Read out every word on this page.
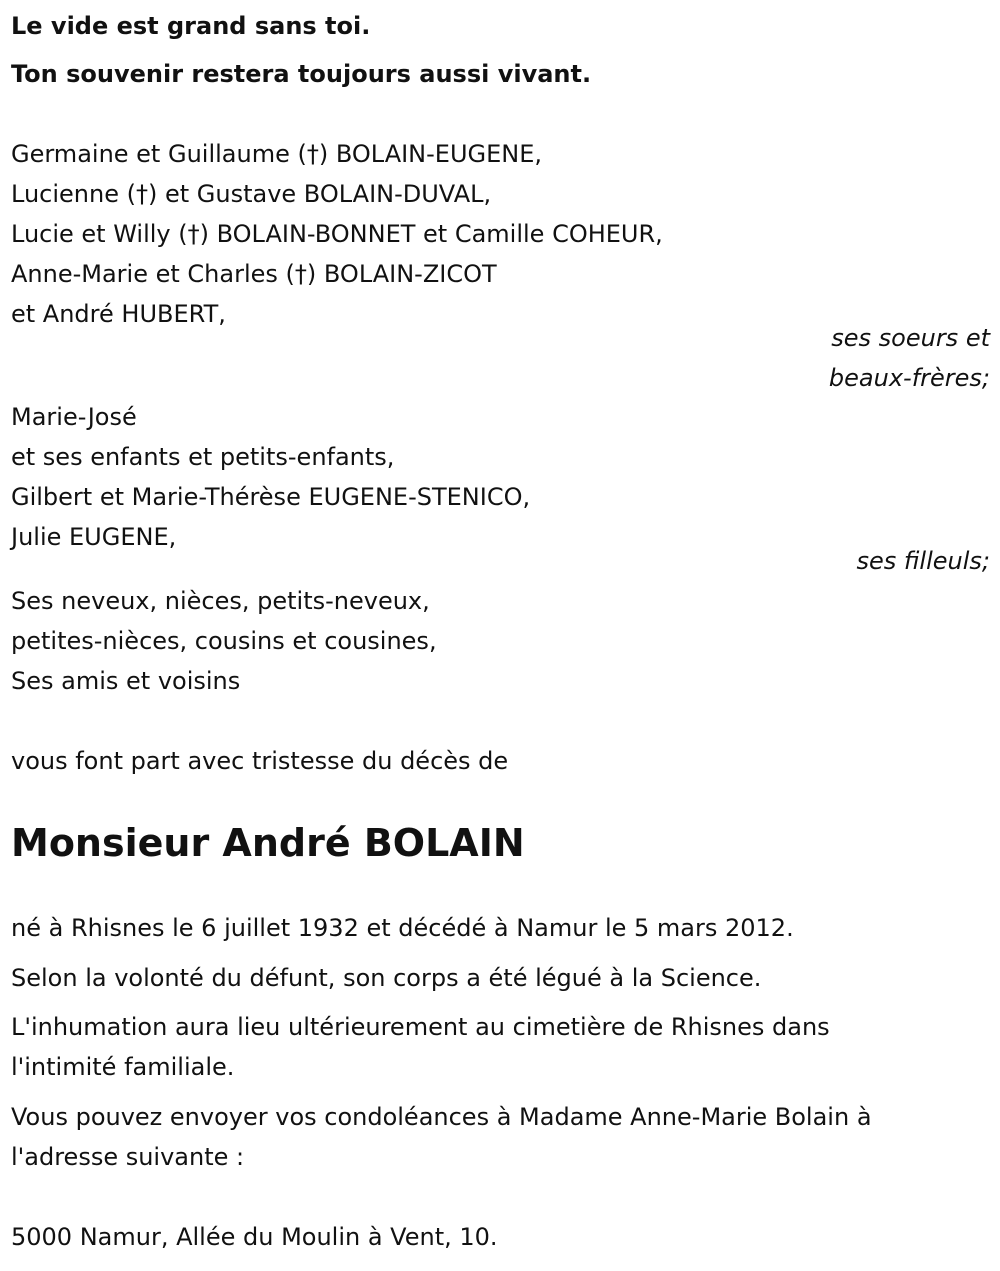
Le vide est grand sans toi.

Ton souvenir restera toujours aussi vivant.

Germaine et Guillaume (†) BOLAIN-EUGENE,

Lucienne (†) et Gustave BOLAIN-DUVAL,

Lucie et Willy (†) BOLAIN-BONNET et Camille COHEUR,

Anne-Marie et Charles (†) BOLAIN-ZICOT

et André HUBERT,

ses soeurs et
beaux-frères;

Marie-José

et ses enfants et petits-enfants,

Gilbert et Marie-Thérèse EUGENE-STENICO,

Julie EUGENE,

ses filleuls;

Ses neveux, nièces, petits-neveux,

petites-nièces, cousins et cousines,

Ses amis et voisins

vous font part avec tristesse du décès de

Monsieur André BOLAIN

né à Rhisnes le 6 juillet 1932 et décédé à Namur le 5 mars 2012.

Selon la volonté du défunt, son corps a été légué à la Science.

L'inhumation aura lieu ultérieurement au cimetière de Rhisnes dans

l'intimité familiale.

Vous pouvez envoyer vos condoléances à Madame Anne-Marie Bolain à

l'adresse suivante :

5000 Namur, Allée du Moulin à Vent, 10.
